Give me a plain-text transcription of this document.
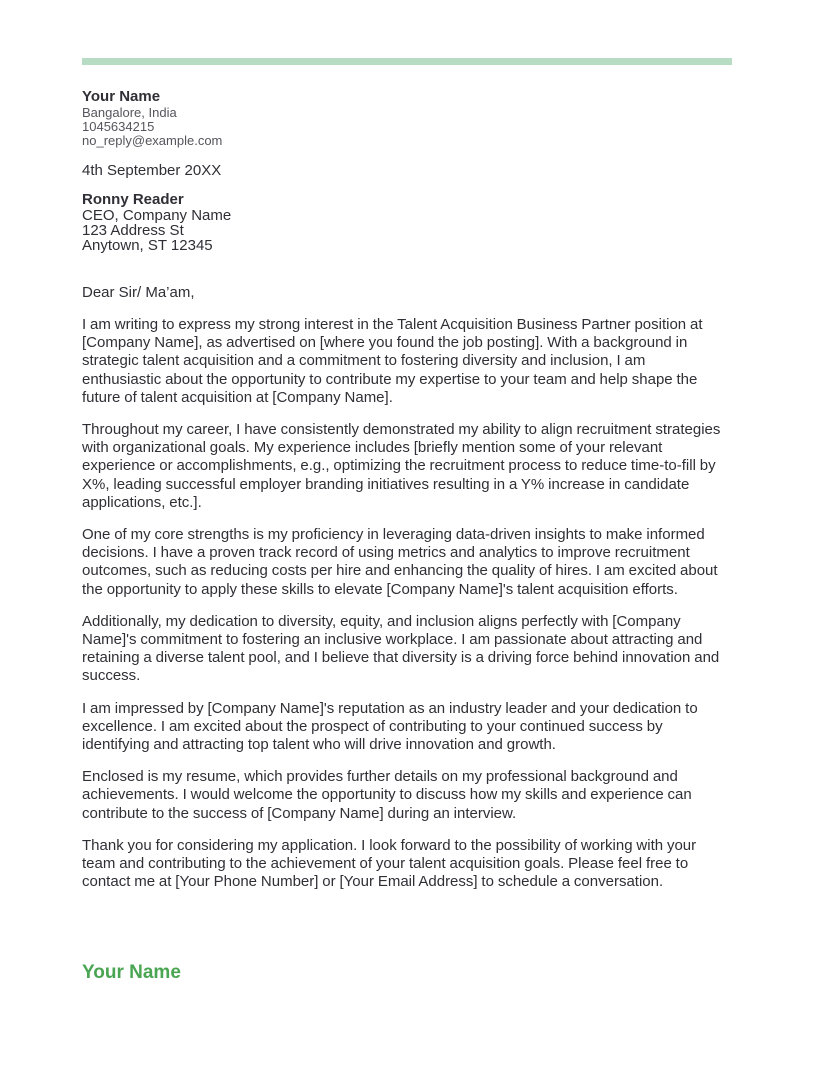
Your Name
Bangalore, India
1045634215
no_reply@example.com
4th September 20XX
Ronny Reader
CEO, Company Name
123 Address St
Anytown, ST 12345

Dear Sir/ Ma’am,

I am writing to express my strong interest in the Talent Acquisition Business Partner position at [Company Name], as advertised on [where you found the job posting]. With a background in strategic talent acquisition and a commitment to fostering diversity and inclusion, I am enthusiastic about the opportunity to contribute my expertise to your team and help shape the future of talent acquisition at [Company Name].

Throughout my career, I have consistently demonstrated my ability to align recruitment strategies with organizational goals. My experience includes [briefly mention some of your relevant experience or accomplishments, e.g., optimizing the recruitment process to reduce time-to-fill by X%, leading successful employer branding initiatives resulting in a Y% increase in candidate applications, etc.].

One of my core strengths is my proficiency in leveraging data-driven insights to make informed decisions. I have a proven track record of using metrics and analytics to improve recruitment outcomes, such as reducing costs per hire and enhancing the quality of hires. I am excited about the opportunity to apply these skills to elevate [Company Name]'s talent acquisition efforts.

Additionally, my dedication to diversity, equity, and inclusion aligns perfectly with [Company Name]'s commitment to fostering an inclusive workplace. I am passionate about attracting and retaining a diverse talent pool, and I believe that diversity is a driving force behind innovation and success.

I am impressed by [Company Name]'s reputation as an industry leader and your dedication to excellence. I am excited about the prospect of contributing to your continued success by identifying and attracting top talent who will drive innovation and growth.

Enclosed is my resume, which provides further details on my professional background and achievements. I would welcome the opportunity to discuss how my skills and experience can contribute to the success of [Company Name] during an interview.

Thank you for considering my application. I look forward to the possibility of working with your team and contributing to the achievement of your talent acquisition goals. Please feel free to contact me at [Your Phone Number] or [Your Email Address] to schedule a conversation.

Your Name
